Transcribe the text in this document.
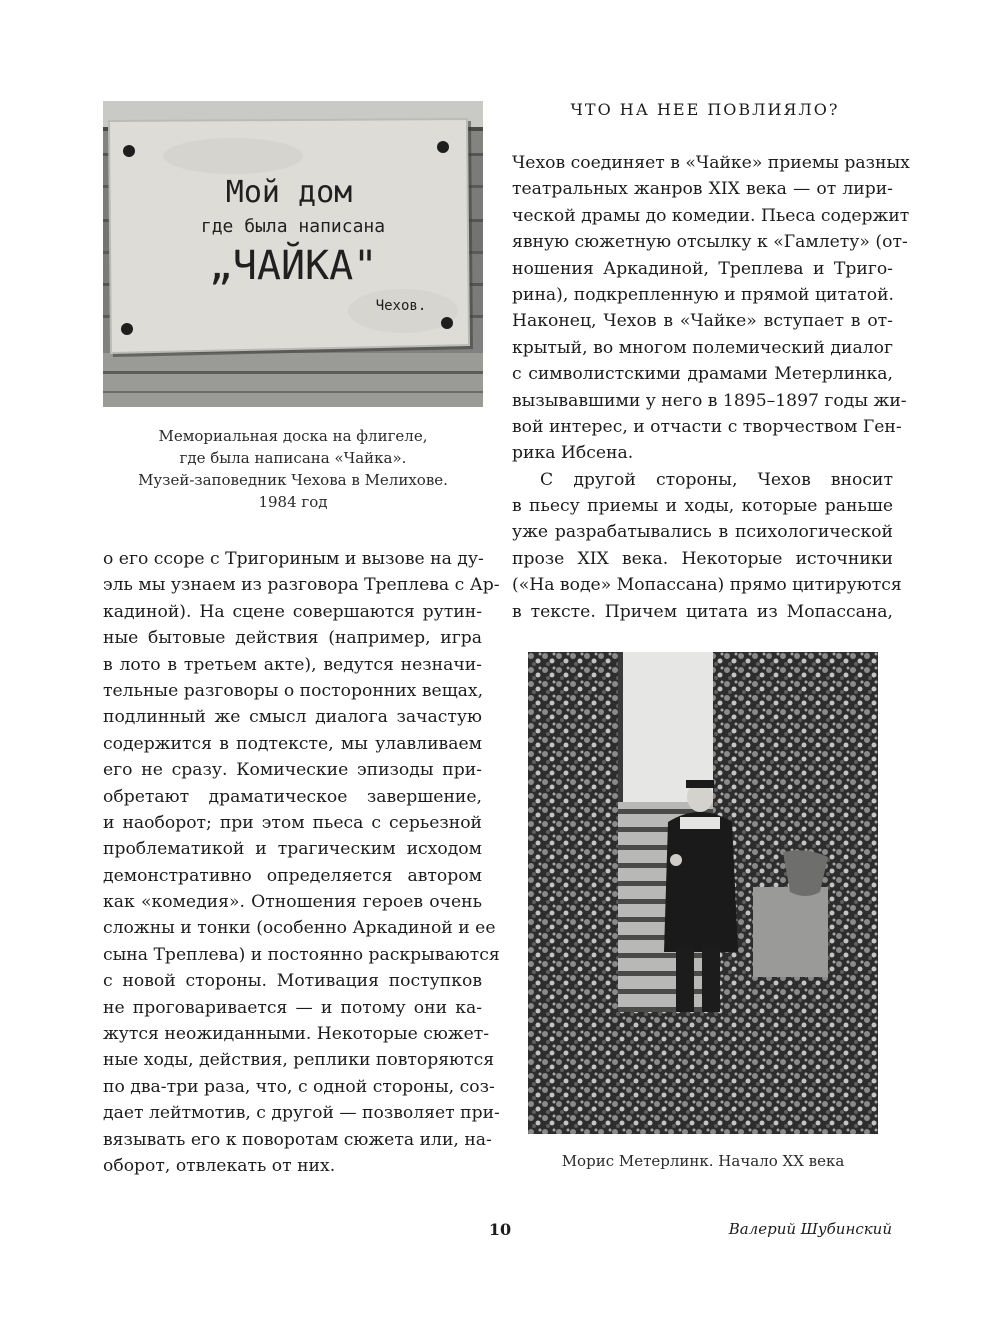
Мой дом
где была написана
„ЧАЙКА"
Чехов.
Мемориальная доска на флигеле,
где была написана «Чайка».
Музей-заповедник Чехова в Мелихове.
1984 год
ЧТО НА НЕЕ ПОВЛИЯЛО?
Чехов соединяет в «Чайке» приемы разных
театральных жанров XIX века — от лири-
ческой драмы до комедии. Пьеса содержит
явную сюжетную отсылку к «Гамлету» (от-
ношения Аркадиной, Треплева и Триго-
рина), подкрепленную и прямой цитатой.
Наконец, Чехов в «Чайке» вступает в от-
крытый, во многом полемический диалог
с символистскими драмами Метерлинка,
вызывавшими у него в 1895–1897 годы жи-
вой интерес, и отчасти с творчеством Ген-
рика Ибсена.
С другой стороны, Чехов вносит
в пьесу приемы и ходы, которые раньше
уже разрабатывались в психологической
прозе XIX века. Некоторые источники
(«На воде» Мопассана) прямо цитируются
в тексте. Причем цитата из Мопассана,
о его ссоре с Тригориным и вызове на ду-
эль мы узнаем из разговора Треплева с Ар-
кадиной). На сцене совершаются рутин-
ные бытовые действия (например, игра
в лото в третьем акте), ведутся незначи-
тельные разговоры о посторонних вещах,
подлинный же смысл диалога зачастую
содержится в подтексте, мы улавливаем
его не сразу. Комические эпизоды при-
обретают драматическое завершение,
и наоборот; при этом пьеса с серьезной
проблематикой и трагическим исходом
демонстративно определяется автором
как «комедия». Отношения героев очень
сложны и тонки (особенно Аркадиной и ее
сына Треплева) и постоянно раскрываются
с новой стороны. Мотивация поступков
не проговаривается — и потому они ка-
жутся неожиданными. Некоторые сюжет-
ные ходы, действия, реплики повторяются
по два-три раза, что, с одной стороны, соз-
дает лейтмотив, с другой — позволяет при-
вязывать его к поворотам сюжета или, на-
оборот, отвлекать от них.	Морис Метерлинк. Начало XX века
10	Валерий Шубинский
